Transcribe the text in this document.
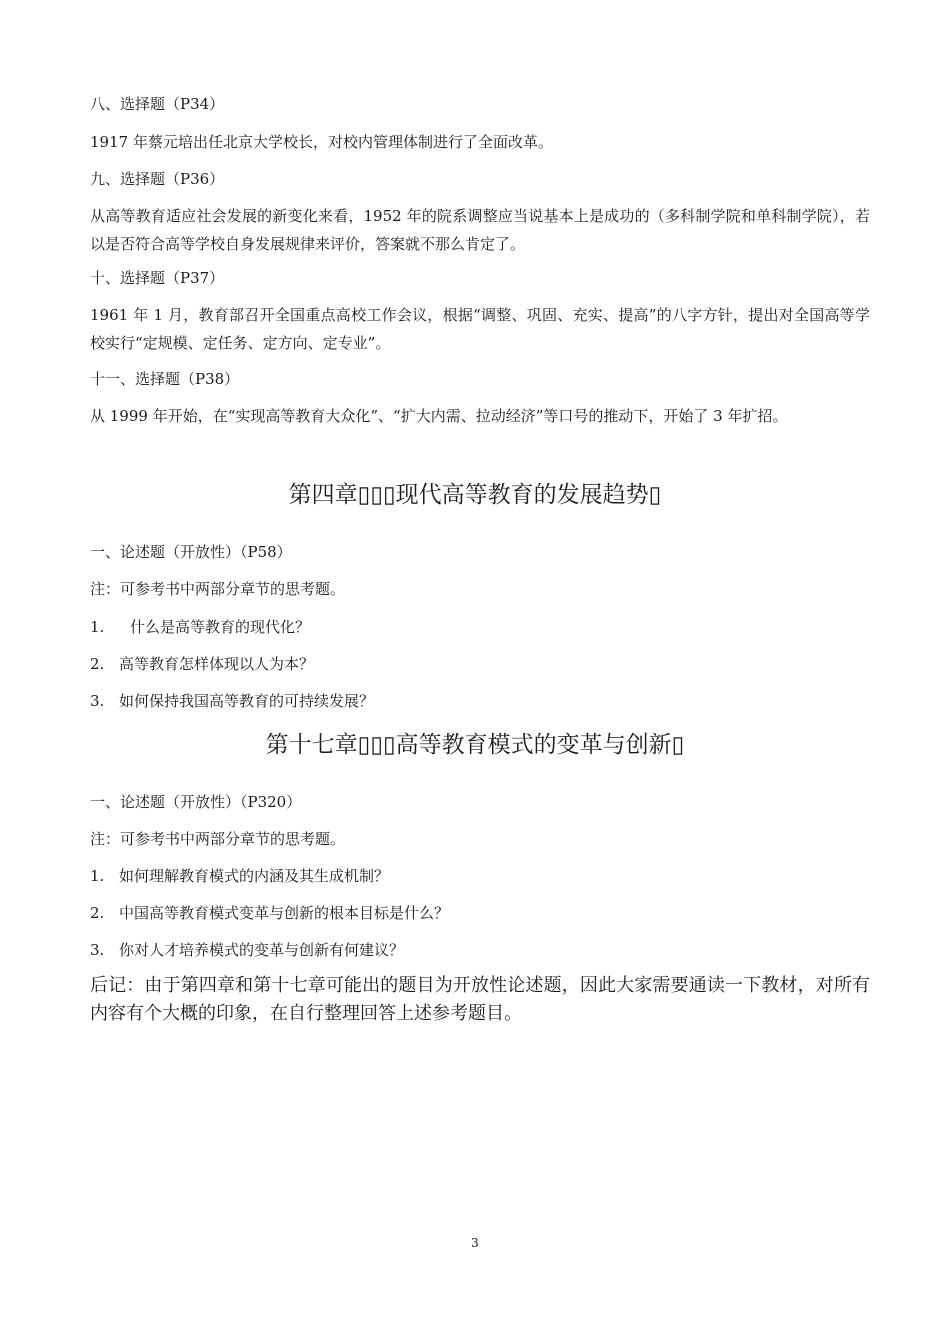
八、选择题（P34）
1917 年蔡元培出任北京大学校长，对校内管理体制进行了全面改革。
九、选择题（P36）
从高等教育适应社会发展的新变化来看，1952 年的院系调整应当说基本上是成功的（多科制学院和单科制学院），若以是否符合高等学校自身发展规律来评价，答案就不那么肯定了。
十、选择题（P37）
1961 年 1 月，教育部召开全国重点高校工作会议，根据“调整、巩固、充实、提高”的八字方针，提出对全国高等学校实行“定规模、定任务、定方向、定专业”。
十一、选择题（P38）
从 1999 年开始，在“实现高等教育大众化”、“扩大内需、拉动经济”等口号的推动下，开始了 3 年扩招。
第四章▯▯▯现代高等教育的发展趋势▯
一、论述题（开放性）（P58）
注：可参考书中两部分章节的思考题。
1. 什么是高等教育的现代化？
2. 高等教育怎样体现以人为本？
3. 如何保持我国高等教育的可持续发展？
第十七章▯▯▯高等教育模式的变革与创新▯
一、论述题（开放性）（P320）
注：可参考书中两部分章节的思考题。
1. 如何理解教育模式的内涵及其生成机制？
2. 中国高等教育模式变革与创新的根本目标是什么？
3. 你对人才培养模式的变革与创新有何建议？
后记：由于第四章和第十七章可能出的题目为开放性论述题，因此大家需要通读一下教材，对所有内容有个大概的印象，在自行整理回答上述参考题目。
3
